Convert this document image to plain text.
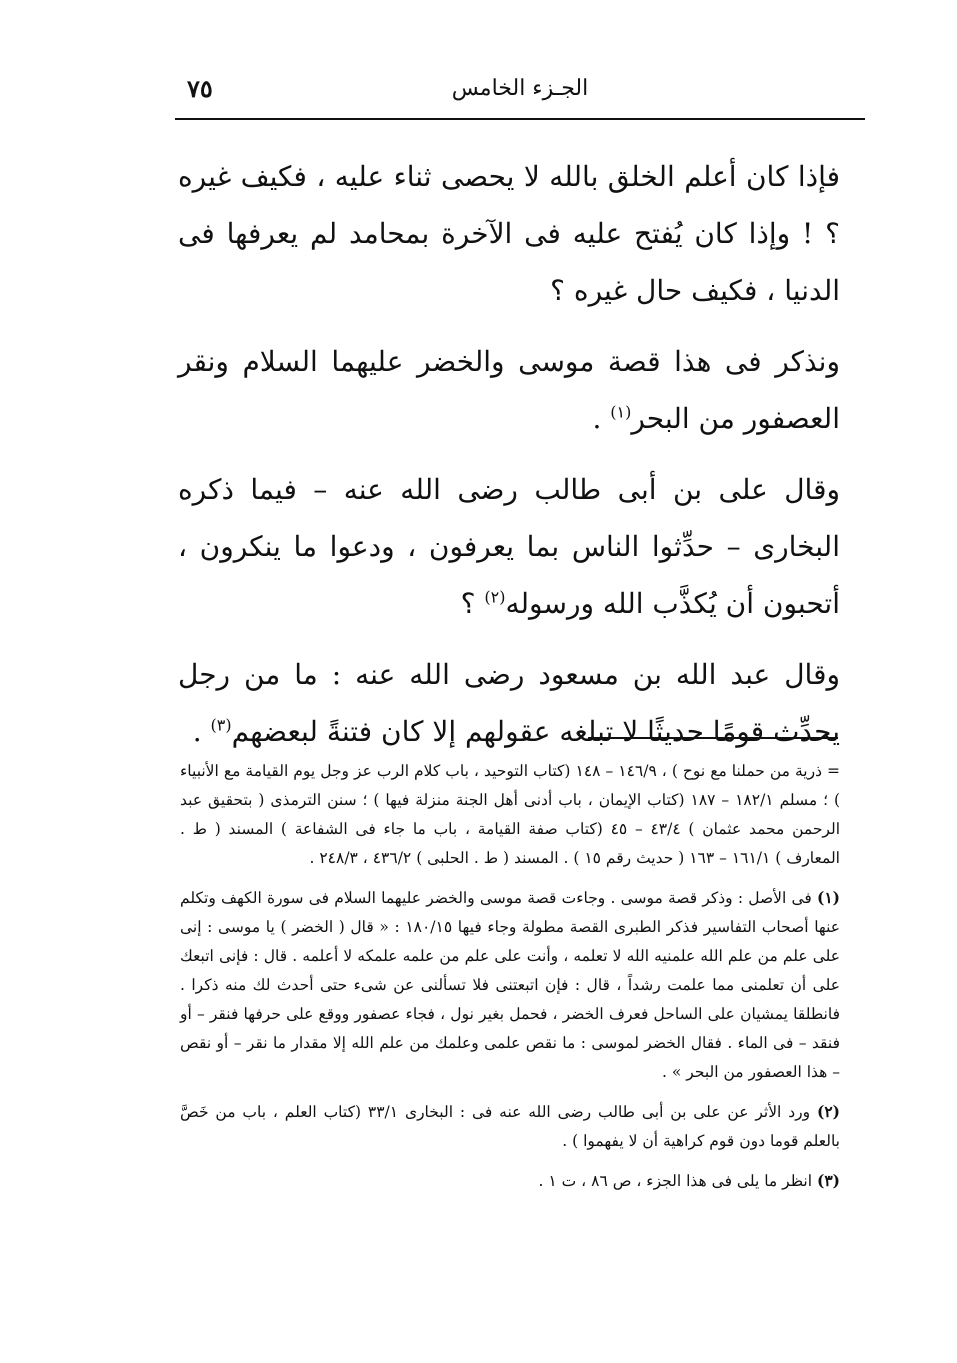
٧٥	الجـزء الخامس

فإذا كان أعلم الخلق بالله لا يحصى ثناء عليه ، فكيف غيره ؟ ! وإذا كان يُفتح عليه فى الآخرة بمحامد لم يعرفها فى الدنيا ، فكيف حال غيره ؟

ونذكر فى هذا قصة موسى والخضر عليهما السلام ونقر العصفور من البحر$^{(١)}$ .

وقال على بن أبى طالب رضى الله عنه – فيما ذكره البخارى – حدِّثوا الناس بما يعرفون ، ودعوا ما ينكرون ، أتحبون أن يُكذَّب الله ورسوله$^{(٢)}$ ؟

وقال عبد الله بن مسعود رضى الله عنه : ما من رجل يحدِّث قومًا حديثًا لا تبلغه عقولهم إلا كان فتنةً لبعضهم$^{(٣)}$ .

= ذرية من حملنا مع نوح ) ، ١٤٦/٩ – ١٤٨ (كتاب التوحيد ، باب كلام الرب عز وجل يوم القيامة مع الأنبياء ) ؛ مسلم ١٨٢/١ – ١٨٧ (كتاب الإيمان ، باب أدنى أهل الجنة منزلة فيها ) ؛ سنن الترمذى ( بتحقيق عبد الرحمن محمد عثمان ) ٤٣/٤ – ٤٥ (كتاب صفة القيامة ، باب ما جاء فى الشفاعة ) المسند ( ط . المعارف ) ١٦١/١ – ١٦٣ ( حديث رقم ١٥ ) . المسند ( ط . الحلبى ) ٤٣٦/٢ ، ٢٤٨/٣ .

(١) فى الأصل : وذكر قصة موسى . وجاءت قصة موسى والخضر عليهما السلام فى سورة الكهف وتكلم عنها أصحاب التفاسير فذكر الطبرى القصة مطولة وجاء فيها ١٨٠/١٥ : « قال ( الخضر ) يا موسى : إنى على علم من علم الله علمنيه الله لا تعلمه ، وأنت على علم من علمه علمكه لا أعلمه . قال : فإنى اتبعك على أن تعلمنى مما علمت رشداً ، قال : فإن اتبعتنى فلا تسألنى عن شىء حتى أحدث لك منه ذكرا . فانطلقا يمشيان على الساحل فعرف الخضر ، فحمل بغير نول ، فجاء عصفور ووقع على حرفها فنقر – أو فنقد – فى الماء . فقال الخضر لموسى : ما نقص علمى وعلمك من علم الله إلا مقدار ما نقر – أو نقص – هذا العصفور من البحر » .

(٢) ورد الأثر عن على بن أبى طالب رضى الله عنه فى : البخارى ٣٣/١ (كتاب العلم ، باب من خَصَّ بالعلم قوما دون قوم كراهية أن لا يفهموا ) .

(٣) انظر ما يلى فى هذا الجزء ، ص ٨٦ ، ت ١ .
